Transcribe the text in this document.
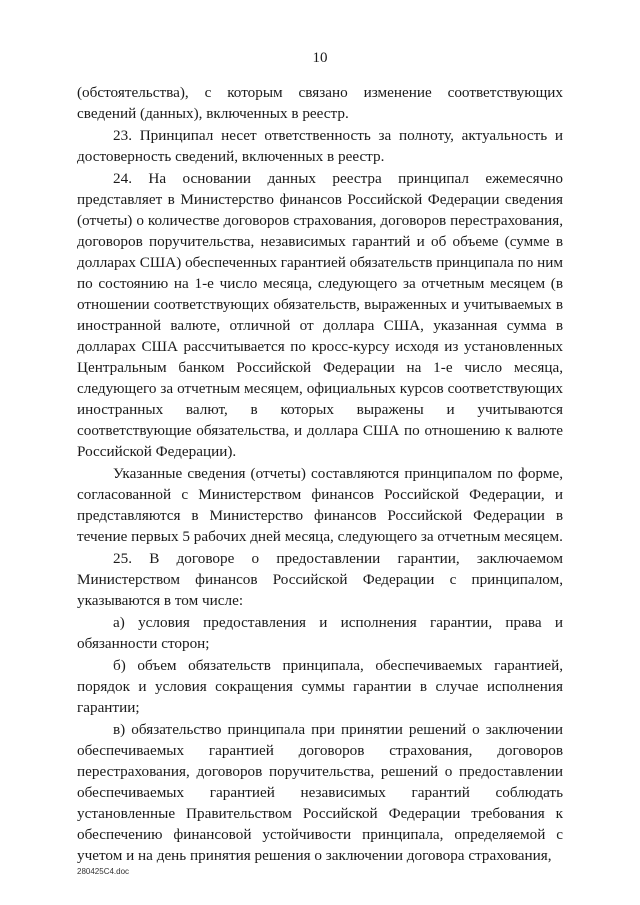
10

(обстоятельства), с которым связано изменение соответствующих сведений (данных), включенных в реестр.

23. Принципал несет ответственность за полноту, актуальность и достоверность сведений, включенных в реестр.

24. На основании данных реестра принципал ежемесячно представляет в Министерство финансов Российской Федерации сведения (отчеты) о количестве договоров страхования, договоров перестрахования, договоров поручительства, независимых гарантий и об объеме (сумме в долларах США) обеспеченных гарантией обязательств принципала по ним по состоянию на 1-е число месяца, следующего за отчетным месяцем (в отношении соответствующих обязательств, выраженных и учитываемых в иностранной валюте, отличной от доллара США, указанная сумма в долларах США рассчитывается по кросс-курсу исходя из установленных Центральным банком Российской Федерации на 1-е число месяца, следующего за отчетным месяцем, официальных курсов соответствующих иностранных валют, в которых выражены и учитываются соответствующие обязательства, и доллара США по отношению к валюте Российской Федерации).

Указанные сведения (отчеты) составляются принципалом по форме, согласованной с Министерством финансов Российской Федерации, и представляются в Министерство финансов Российской Федерации в течение первых 5 рабочих дней месяца, следующего за отчетным месяцем.

25. В договоре о предоставлении гарантии, заключаемом Министерством финансов Российской Федерации с принципалом, указываются в том числе:

а) условия предоставления и исполнения гарантии, права и обязанности сторон;

б) объем обязательств принципала, обеспечиваемых гарантией, порядок и условия сокращения суммы гарантии в случае исполнения гарантии;

в) обязательство принципала при принятии решений о заключении обеспечиваемых гарантией договоров страхования, договоров перестрахования, договоров поручительства, решений о предоставлении обеспечиваемых гарантией независимых гарантий соблюдать установленные Правительством Российской Федерации требования к обеспечению финансовой устойчивости принципала, определяемой с учетом и на день принятия решения о заключении договора страхования,

280425C4.doc
